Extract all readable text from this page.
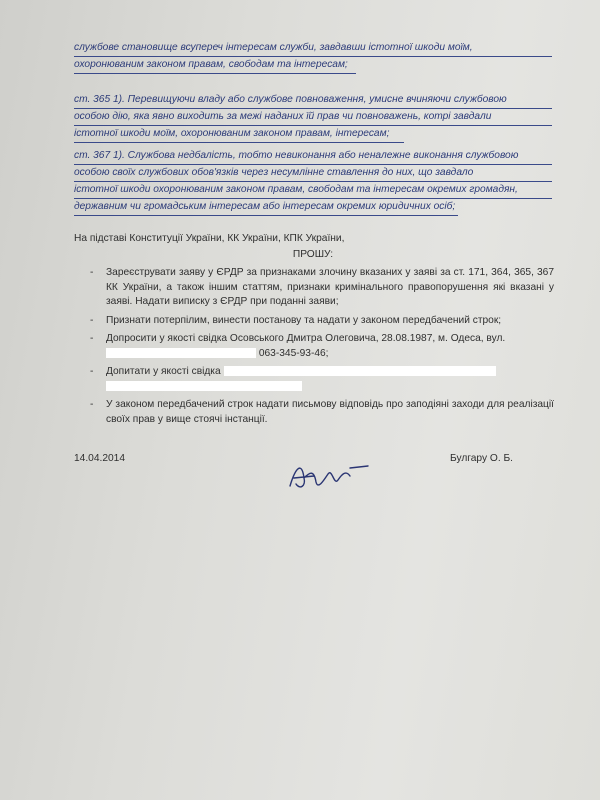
службове становище всупереч інтересам служби, завдавши істотної шкоди моїм,
охоронюваним законом правам, свободам та інтересам;
ст. 365 1). Перевищуючи владу або службове повноваження, умисне вчиняючи службовою
особою дію, яка явно виходить за межі наданих їй прав чи повноважень, котрі завдали
істотної шкоди моїм, охоронюваним законом правам, інтересам;
ст. 367 1). Службова недбалість, тобто невиконання або неналежне виконання службовою
особою своїх службових обов'язків через несумлінне ставлення до них, що завдало
істотної шкоди охоронюваним законом правам, свободам та інтересам окремих громадян,
державним чи громадським інтересам або інтересам окремих юридичних осіб;
На підставі Конституції України, КК України, КПК України,
ПРОШУ:
- Зареєструвати заяву у ЄРДР за признаками злочину вказаних у заяві за ст. 171, 364, 365, 367 КК України, а також іншим статтям, признаки кримінального правопорушення які вказані у заяві. Надати виписку з ЄРДР при поданні заяви;
- Признати потерпілим, винести постанову та надати у законом передбачений строк;
- Допросити у якості свідка Осовського Дмитра Олеговича, 28.08.1987, м. Одеса, вул.
063-345-93-46;
- Допитати у якості свідка

- У законом передбачений строк надати письмову відповідь про заподіяні заходи для реалізації своїх прав у вище стоячі інстанції.
14.04.2014	Булгару О. Б.
